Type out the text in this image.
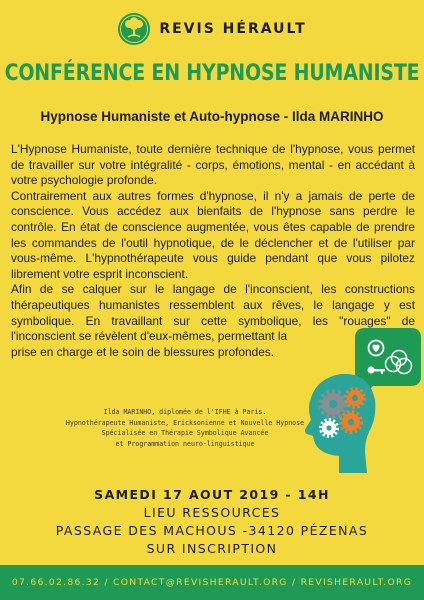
REVIS HÉRAULT
CONFÉRENCE EN HYPNOSE HUMANISTE
Hypnose Humaniste et Auto-hypnose - Ilda MARINHO

L'Hypnose Humaniste, toute dernière technique de l'hypnose, vous permet de travailler sur votre intégralité - corps, émotions, mental - en accédant à votre psychologie profonde.

Contrairement aux autres formes d'hypnose, il n'y a jamais de perte de conscience. Vous accédez aux bienfaits de l'hypnose sans perdre le contrôle. En état de conscience augmentée, vous êtes capable de prendre les commandes de l'outil hypnotique, de le déclencher et de l'utiliser par vous-même. L'hypnothérapeute vous guide pendant que vous pilotez librement votre esprit inconscient.

Afin de se calquer sur le langage de l'inconscient, les constructions thérapeutiques humanistes ressemblent aux rêves, le langage y est symbolique. En travaillant sur cette symbolique, les "rouages" de l'inconscient se révèlent d'eux-mêmes, permettant la

prise en charge et le soin de blessures profondes.

Ilda MARINHO, diplomée de l'IFHE à Paris.
Hypnothérapeute Humaniste, Ericksonienne et Nouvelle Hypnose
Spécialisée en Thérapie Symbolique Avancée
et Programmation neuro-linguistique
SAMEDI 17 AOUT 2019 - 14H
LIEU RESSOURCES
PASSAGE DES MACHOUS -34120 PÉZENAS
SUR INSCRIPTION
07.66.02.86.32 / CONTACT@REVISHERAULT.ORG / REVISHERAULT.ORG
